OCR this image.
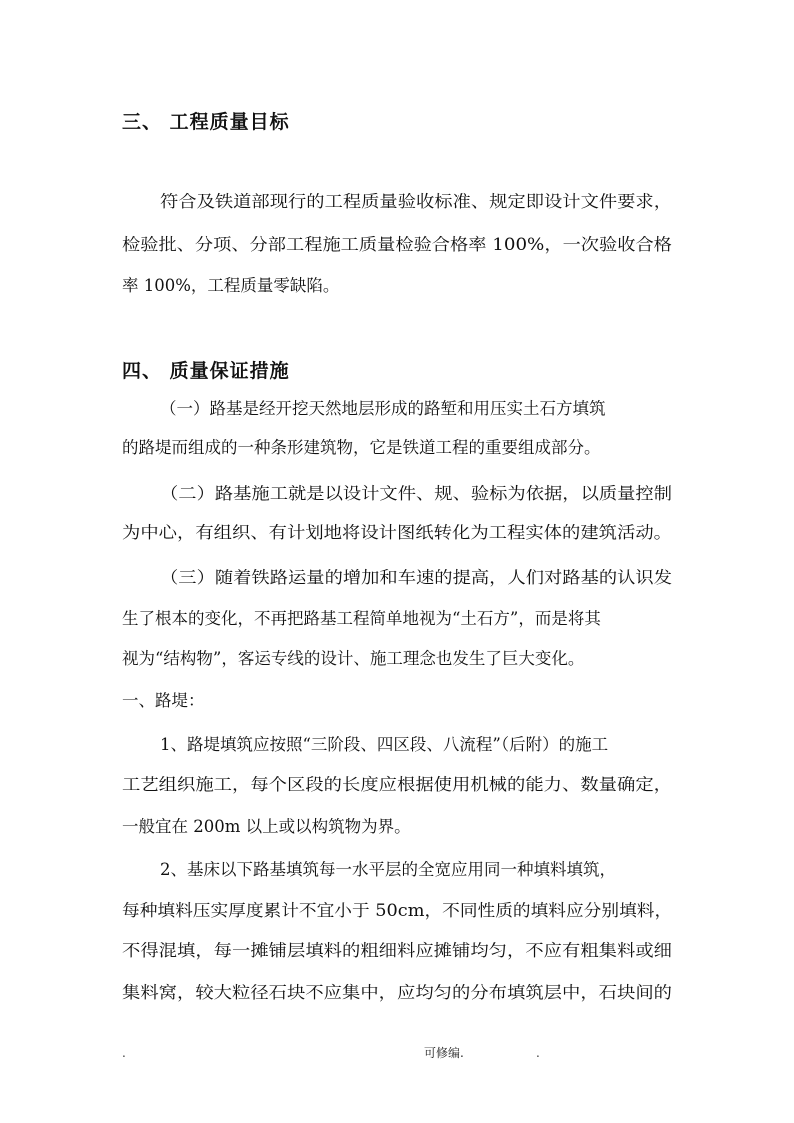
三、 工程质量目标

符合及铁道部现行的工程质量验收标准、规定即设计文件要求，

检验批、分项、分部工程施工质量检验合格率 100%，一次验收合格

率 100%，工程质量零缺陷。

四、 质量保证措施

（一）路基是经开挖天然地层形成的路堑和用压实土石方填筑

的路堤而组成的一种条形建筑物，它是铁道工程的重要组成部分。

（二）路基施工就是以设计文件、规、验标为依据，以质量控制

为中心，有组织、有计划地将设计图纸转化为工程实体的建筑活动。

（三）随着铁路运量的增加和车速的提高，人们对路基的认识发

生了根本的变化，不再把路基工程简单地视为“土石方”，而是将其

视为“结构物”，客运专线的设计、施工理念也发生了巨大变化。

一、路堤：

1、路堤填筑应按照“三阶段、四区段、八流程”（后附）的施工

工艺组织施工，每个区段的长度应根据使用机械的能力、数量确定，

一般宜在 200m 以上或以构筑物为界。

2、基床以下路基填筑每一水平层的全宽应用同一种填料填筑，

每种填料压实厚度累计不宜小于 50cm，不同性质的填料应分别填料，

不得混填，每一摊铺层填料的粗细料应摊铺均匀，不应有粗集料或细

集料窝，较大粒径石块不应集中，应均匀的分布填筑层中，石块间的

.	可修编.	.
